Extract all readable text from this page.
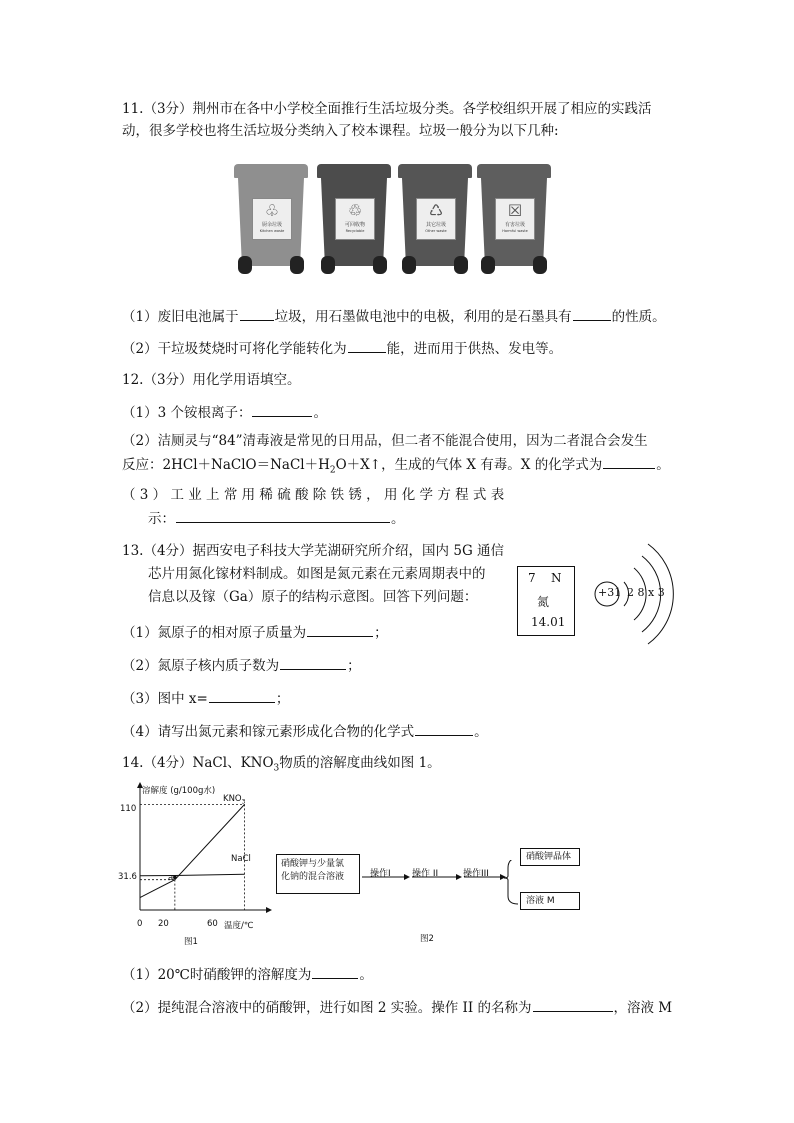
11.（3分）荆州市在各中小学校全面推行生活垃圾分类。各学校组织开展了相应的实践活
动，很多学校也将生活垃圾分类纳入了校本课程。垃圾一般分为以下几种:
♧
厨余垃圾
Kitchen waste
♲
可回收物
Recyclable
♺
其它垃圾
Other waste
☒
有害垃圾
Harmful waste
（1）废旧电池属于	垃圾，用石墨做电池中的电极，利用的是石墨具有	的性质。
（2）干垃圾焚烧时可将化学能转化为	能，进而用于供热、发电等。
12.（3分）用化学用语填空。
（1）3 个铵根离子：	。
（2）洁厕灵与“84”清毒液是常见的日用品，但二者不能混合使用，因为二者混合会发生
反应：$2HCl+NaClO=NaCl+H_2O+X↑$，生成的气体 X 有毒。X 的化学式为	。
（ 3 ） 工 业 上 常 用 稀 硫 酸 除 铁 锈 ， 用 化 学 方 程 式 表
示：	。
13.（4分）据西安电子科技大学芜湖研究所介绍，国内 5G 通信
芯片用氮化镓材料制成。如图是氮元素在元素周期表中的
信息以及镓（Ga）原子的结构示意图。回答下列问题：
7 N
氮
14.01
+31 2 8 x 3
（1）氮原子的相对原子质量为	；
（2）氮原子核内质子数为	；
（3）图中 x=	；
（4）请写出氮元素和镓元素形成化合物的化学式	。
14.（4分）NaCl、$KNO_3$物质的溶解度曲线如图 1。
溶解度 (g/100g水)
110
31.6
0 20	60 温度/℃
$KNO_3$
NaCl
a
图1
硝酸钾与少量氯
化钠的混合溶液	操作I 操作 II	操作III
硝酸钾晶体
溶液 M
图2
（1）20℃时硝酸钾的溶解度为	。
（2）提纯混合溶液中的硝酸钾，进行如图 2 实验。操作 II 的名称为	，溶液 M
